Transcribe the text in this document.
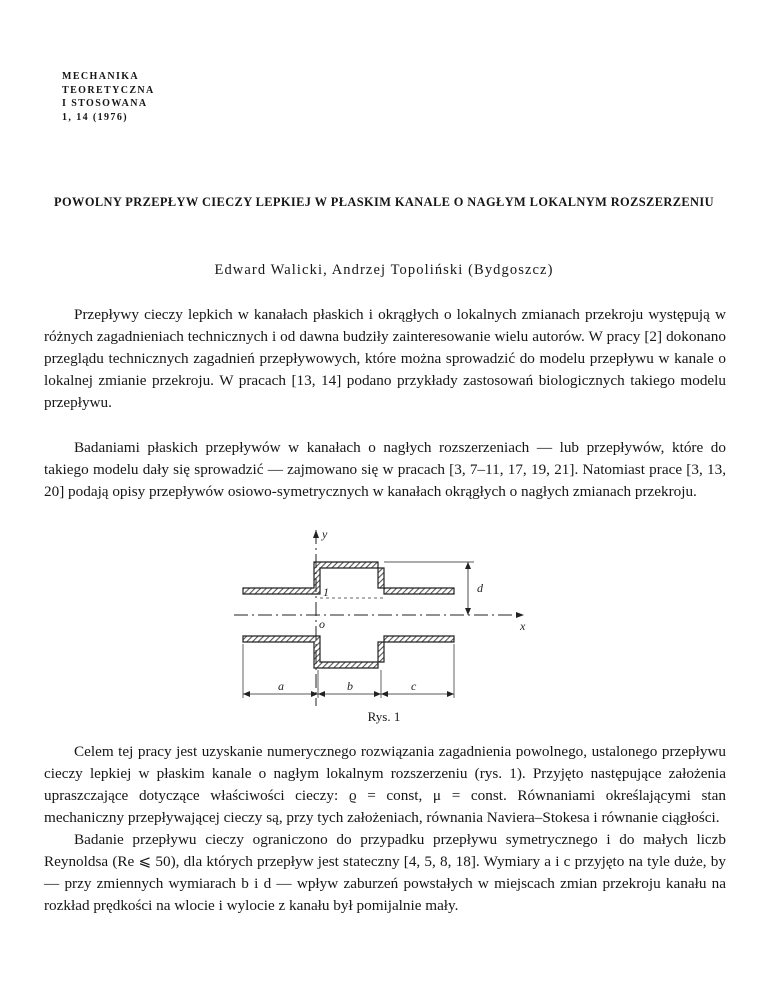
MECHANIKA
TEORETYCZNA
I STOSOWANA
1, 14 (1976)
POWOLNY PRZEPŁYW CIECZY LEPKIEJ W PŁASKIM KANALE O NAGŁYM LOKALNYM ROZSZERZENIU
Edward Walicki, Andrzej Topoliński (Bydgoszcz)

Przepływy cieczy lepkich w kanałach płaskich i okrągłych o lokalnych zmianach przekroju występują w różnych zagadnieniach technicznych i od dawna budziły zainteresowanie wielu autorów. W pracy [2] dokonano przeglądu technicznych zagadnień przepływowych, które można sprowadzić do modelu przepływu w kanale o lokalnej zmianie przekroju. W pracach [13, 14] podano przykłady zastosowań biologicznych takiego modelu przepływu.

Badaniami płaskich przepływów w kanałach o nagłych rozszerzeniach — lub przepływów, które do takiego modelu dały się sprowadzić — zajmowano się w pracach [3, 7–11, 17, 19, 21]. Natomiast prace [3, 13, 20] podają opisy przepływów osiowo-symetrycznych w kanałach okrągłych o nagłych zmianach przekroju.

y
d
1
o	x
a	b	c
Rys. 1

Celem tej pracy jest uzyskanie numerycznego rozwiązania zagadnienia powolnego, ustalonego przepływu cieczy lepkiej w płaskim kanale o nagłym lokalnym rozszerzeniu (rys. 1). Przyjęto następujące założenia upraszczające dotyczące właściwości cieczy: ϱ = const, μ = const. Równaniami określającymi stan mechaniczny przepływającej cieczy są, przy tych założeniach, równania Naviera–Stokesa i równanie ciągłości.

Badanie przepływu cieczy ograniczono do przypadku przepływu symetrycznego i do małych liczb Reynoldsa (Re ⩽ 50), dla których przepływ jest stateczny [4, 5, 8, 18]. Wymiary a i c przyjęto na tyle duże, by — przy zmiennych wymiarach b i d — wpływ zaburzeń powstałych w miejscach zmian przekroju kanału na rozkład prędkości na wlocie i wylocie z kanału był pomijalnie mały.
